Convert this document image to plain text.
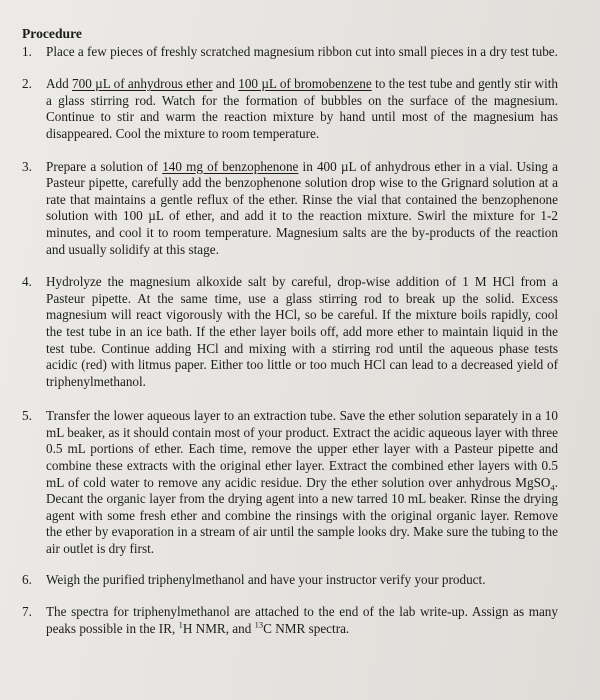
Procedure
1.	Place a few pieces of freshly scratched magnesium ribbon cut into small pieces in a dry test tube.
2.	Add 700 µL of anhydrous ether and 100 µL of bromobenzene to the test tube and gently stir with a glass stirring rod. Watch for the formation of bubbles on the surface of the magnesium. Continue to stir and warm the reaction mixture by hand until most of the magnesium has disappeared. Cool the mixture to room temperature.
3.	Prepare a solution of 140 mg of benzophenone in 400 µL of anhydrous ether in a vial. Using a Pasteur pipette, carefully add the benzophenone solution drop wise to the Grignard solution at a rate that maintains a gentle reflux of the ether. Rinse the vial that contained the benzophenone solution with 100 µL of ether, and add it to the reaction mixture. Swirl the mixture for 1-2 minutes, and cool it to room temperature. Magnesium salts are the by-products of the reaction and usually solidify at this stage.
4.	Hydrolyze the magnesium alkoxide salt by careful, drop-wise addition of 1 M HCl from a Pasteur pipette. At the same time, use a glass stirring rod to break up the solid. Excess magnesium will react vigorously with the HCl, so be careful. If the mixture boils rapidly, cool the test tube in an ice bath. If the ether layer boils off, add more ether to maintain liquid in the test tube. Continue adding HCl and mixing with a stirring rod until the aqueous phase tests acidic (red) with litmus paper. Either too little or too much HCl can lead to a decreased yield of triphenylmethanol.
5.	Transfer the lower aqueous layer to an extraction tube. Save the ether solution separately in a 10 mL beaker, as it should contain most of your product. Extract the acidic aqueous layer with three 0.5 mL portions of ether. Each time, remove the upper ether layer with a Pasteur pipette and combine these extracts with the original ether layer. Extract the combined ether layers with 0.5 mL of cold water to remove any acidic residue. Dry the ether solution over anhydrous MgSO$_4$. Decant the organic layer from the drying agent into a new tarred 10 mL beaker. Rinse the drying agent with some fresh ether and combine the rinsings with the original organic layer. Remove the ether by evaporation in a stream of air until the sample looks dry. Make sure the tubing to the air outlet is dry first.
6.	Weigh the purified triphenylmethanol and have your instructor verify your product.
7.	The spectra for triphenylmethanol are attached to the end of the lab write-up. Assign as many peaks possible in the IR, $^1$H NMR, and $^{13}$C NMR spectra.
